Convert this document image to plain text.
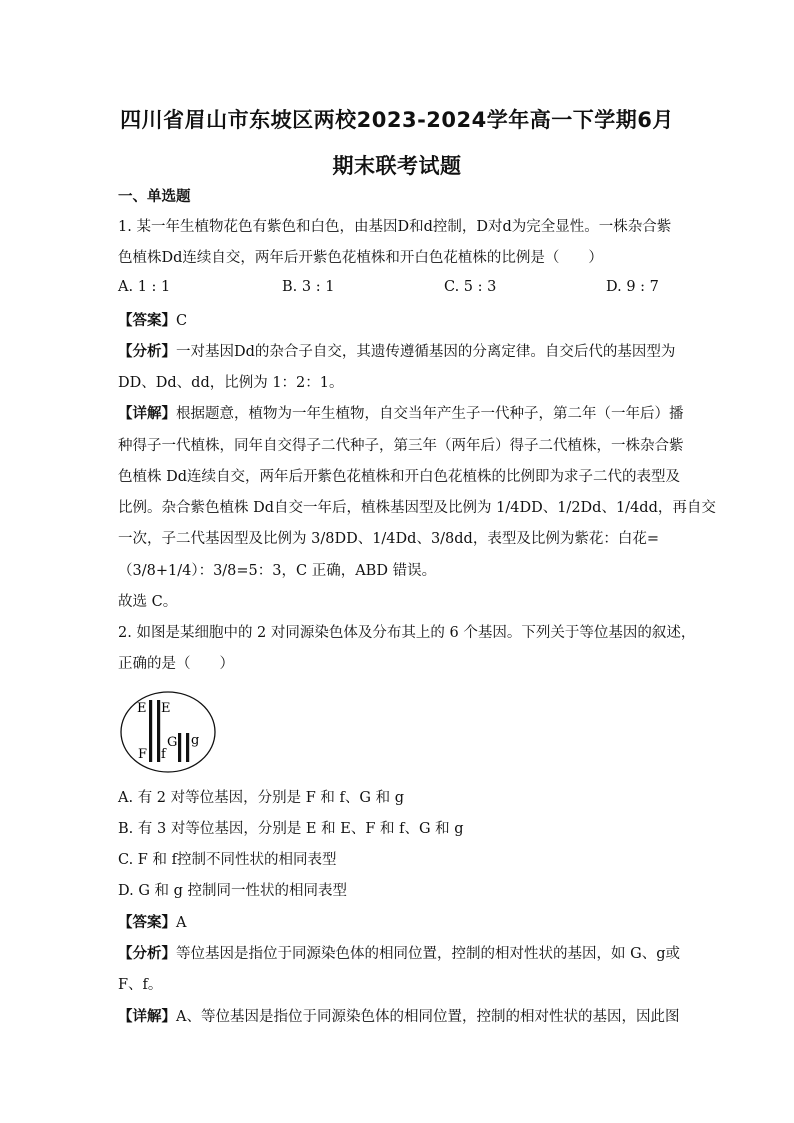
四川省眉山市东坡区两校2023-2024学年高一下学期6月
期末联考试题
一、单选题
1. 某一年生植物花色有紫色和白色，由基因D和d控制，D对d为完全显性。一株杂合紫
色植株Dd连续自交，两年后开紫色花植株和开白色花植株的比例是（　　）
A. 1 : 1	B. 3 : 1	C. 5 : 3	D. 9 : 7
【答案】C
【分析】一对基因Dd的杂合子自交，其遗传遵循基因的分离定律。自交后代的基因型为
DD、Dd、dd，比例为 1：2：1。
【详解】根据题意，植物为一年生植物，自交当年产生子一代种子，第二年（一年后）播
种得子一代植株，同年自交得子二代种子，第三年（两年后）得子二代植株，一株杂合紫
色植株 Dd连续自交，两年后开紫色花植株和开白色花植株的比例即为求子二代的表型及
比例。杂合紫色植株 Dd自交一年后，植株基因型及比例为 1/4DD、1/2Dd、1/4dd，再自交
一次，子二代基因型及比例为 3/8DD、1/4Dd、3/8dd，表型及比例为紫花：白花=
（3/8+1/4）：3/8=5：3，C 正确，ABD 错误。
故选 C。
2. 如图是某细胞中的 2 对同源染色体及分布其上的 6 个基因。下列关于等位基因的叙述，
正确的是（　　）
E E
F f
G g
A. 有 2 对等位基因，分别是 F 和 f、G 和 g
B. 有 3 对等位基因，分别是 E 和 E、F 和 f、G 和 g
C. F 和 f控制不同性状的相同表型
D. G 和 g 控制同一性状的相同表型
【答案】A
【分析】等位基因是指位于同源染色体的相同位置，控制的相对性状的基因，如 G、g或
F、f。
【详解】A、等位基因是指位于同源染色体的相同位置，控制的相对性状的基因，因此图
